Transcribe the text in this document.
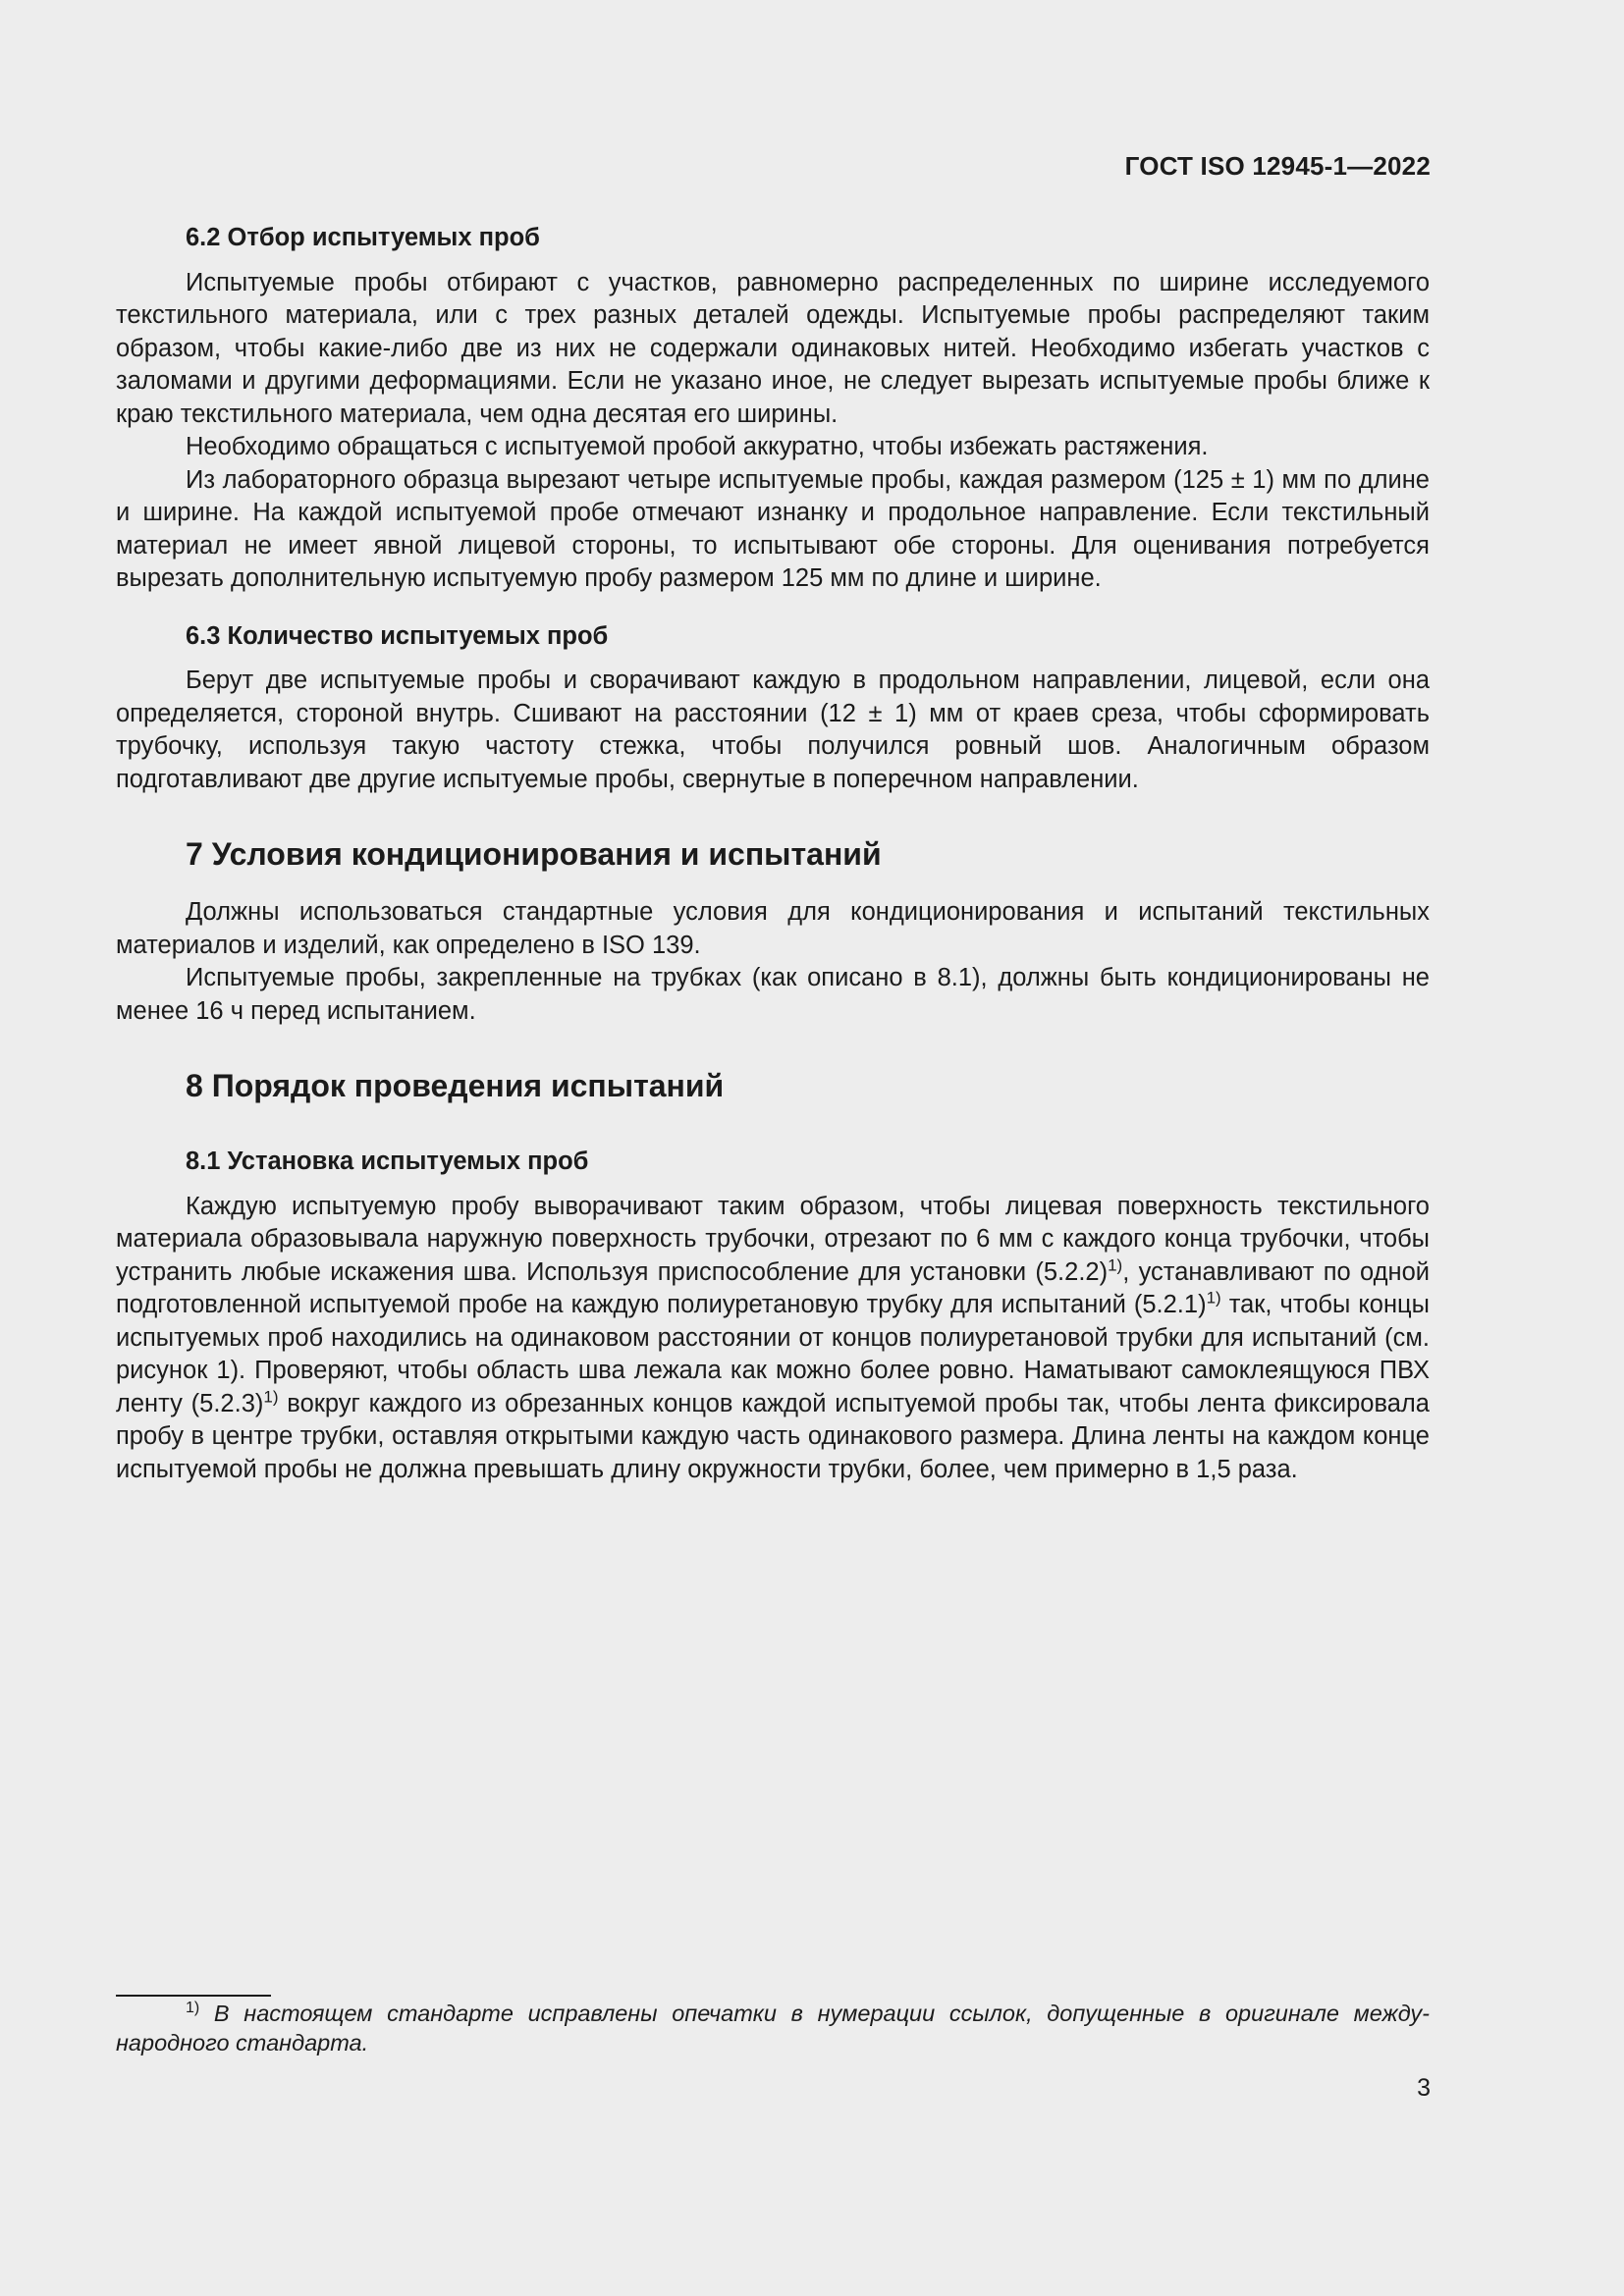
ГОСТ ISO 12945-1—2022
6.2 Отбор испытуемых проб

Испытуемые пробы отбирают с участков, равномерно распределенных по ширине исследуемого текстильного материала, или с трех разных деталей одежды. Испытуемые пробы распределяют таким образом, чтобы какие-либо две из них не содержали одинаковых нитей. Необходимо избегать участков с заломами и другими деформациями. Если не указано иное, не следует вырезать испытуемые пробы ближе к краю текстильного материала, чем одна десятая его ширины.

Необходимо обращаться с испытуемой пробой аккуратно, чтобы избежать растяжения.

Из лабораторного образца вырезают четыре испытуемые пробы, каждая размером (125 ± 1) мм по длине и ширине. На каждой испытуемой пробе отмечают изнанку и продольное направление. Если текстильный материал не имеет явной лицевой стороны, то испытывают обе стороны. Для оценивания потребуется вырезать дополнительную испытуемую пробу размером 125 мм по длине и ширине.

6.3 Количество испытуемых проб

Берут две испытуемые пробы и сворачивают каждую в продольном направлении, лицевой, если она определяется, стороной внутрь. Сшивают на расстоянии (12 ± 1) мм от краев среза, чтобы сформировать трубочку, используя такую частоту стежка, чтобы получился ровный шов. Аналогичным образом подготавливают две другие испытуемые пробы, свернутые в поперечном направлении.

7 Условия кондиционирования и испытаний

Должны использоваться стандартные условия для кондиционирования и испытаний текстильных материалов и изделий, как определено в ISO 139.

Испытуемые пробы, закрепленные на трубках (как описано в 8.1), должны быть кондиционированы не менее 16 ч перед испытанием.

8 Порядок проведения испытаний
8.1 Установка испытуемых проб

Каждую испытуемую пробу выворачивают таким образом, чтобы лицевая поверхность текстильного материала образовывала наружную поверхность трубочки, отрезают по 6 мм с каждого конца трубочки, чтобы устранить любые искажения шва. Используя приспособление для установки $(5.2.2)^{1)}$, устанавливают по одной подготовленной испытуемой пробе на каждую полиуретановую трубку для испытаний $(5.2.1)^{1)}$ так, чтобы концы испытуемых проб находились на одинаковом расстоянии от концов полиуретановой трубки для испытаний (см. рисунок 1). Проверяют, чтобы область шва лежала как можно более ровно. Наматывают самоклеящуюся ПВХ ленту $(5.2.3)^{1)}$ вокруг каждого из обрезанных концов каждой испытуемой пробы так, чтобы лента фиксировала пробу в центре трубки, оставляя открытыми каждую часть одинакового размера. Длина ленты на каждом конце испытуемой пробы не должна превышать длину окружности трубки, более, чем примерно в 1,5 раза.

$^{1)}$ В настоящем стандарте исправлены опечатки в нумерации ссылок, допущенные в оригинале международного стандарта.

3
